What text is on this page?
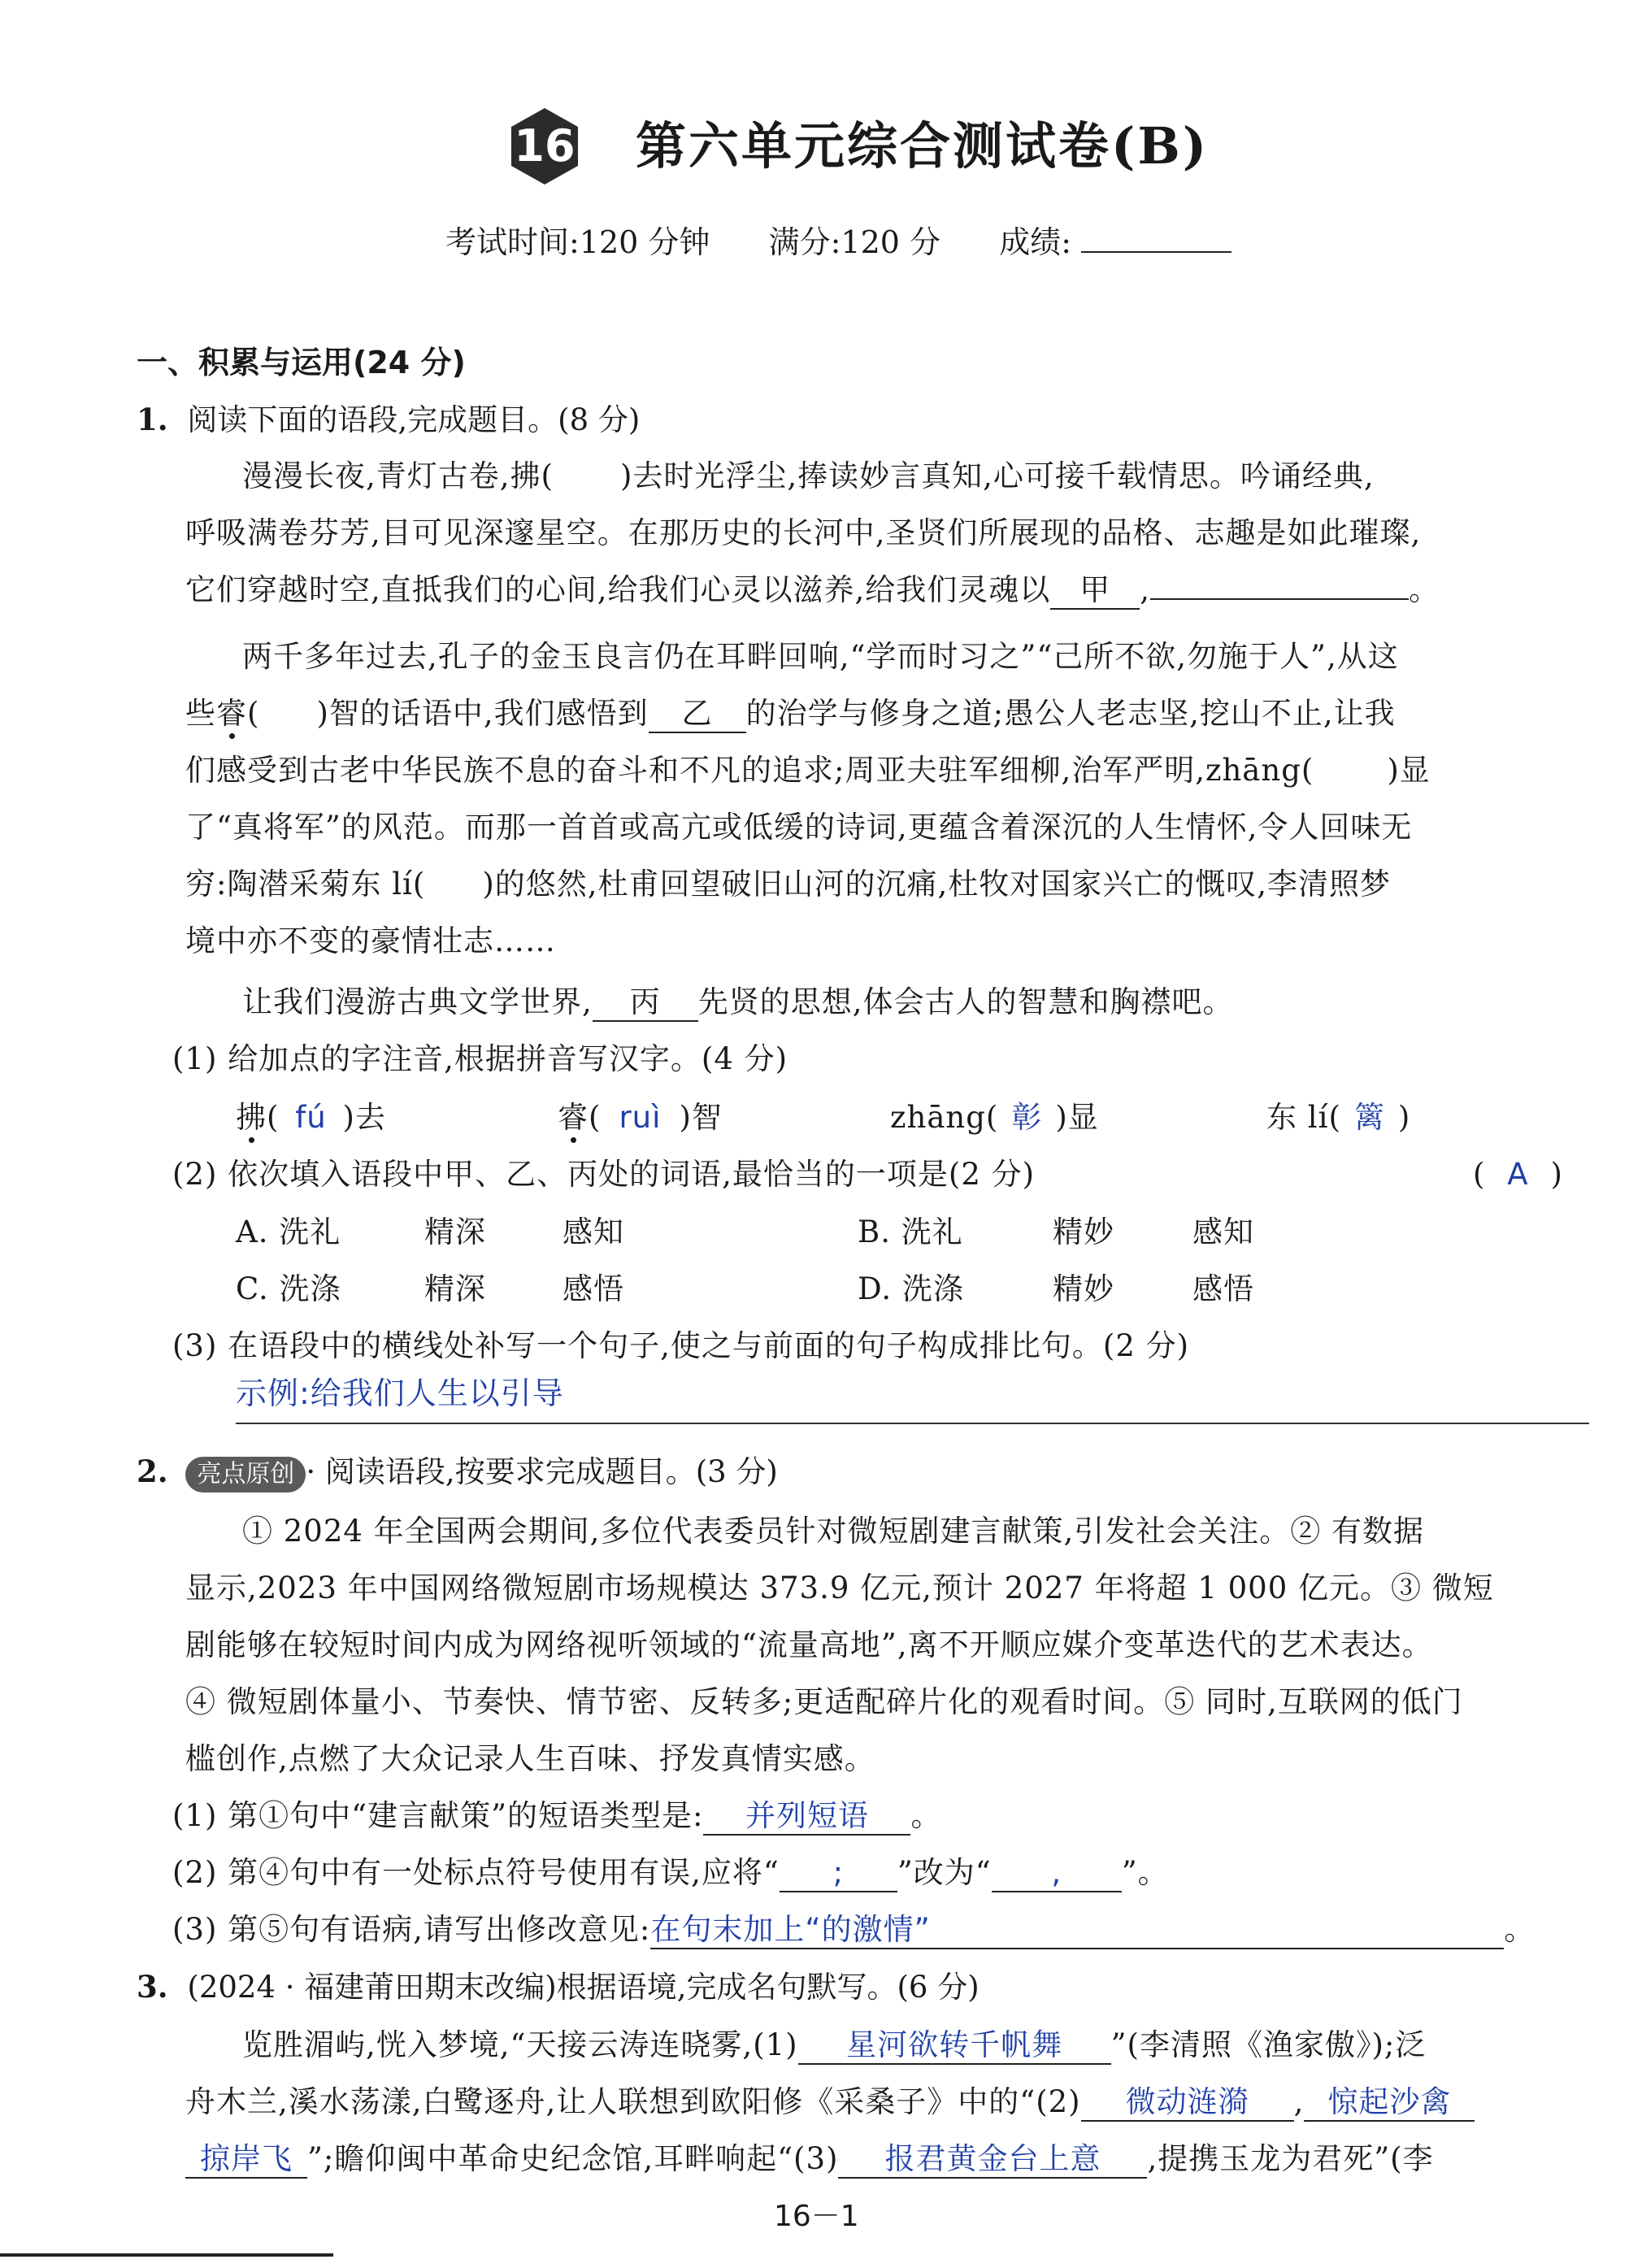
16 第六单元综合测试卷(B)
考试时间:120 分钟 满分:120 分 成绩:
一、积累与运用(24 分)
1. 阅读下面的语段,完成题目。(8 分)
漫漫长夜,青灯古卷,拂( )去时光浮尘,捧读妙言真知,心可接千载情思。吟诵经典,
呼吸满卷芬芳,目可见深邃星空。在那历史的长河中,圣贤们所展现的品格、志趣是如此璀璨,
它们穿越时空,直抵我们的心间,给我们心灵以滋养,给我们灵魂以 甲 ,	。
两千多年过去,孔子的金玉良言仍在耳畔回响,“学而时习之”“己所不欲,勿施于人”,从这
些睿( )智的话语中,我们感悟到 乙 的治学与修身之道;愚公人老志坚,挖山不止,让我
们感受到古老中华民族不息的奋斗和不凡的追求;周亚夫驻军细柳,治军严明,zhāng( )显
了“真将军”的风范。而那一首首或高亢或低缓的诗词,更蕴含着深沉的人生情怀,令人回味无
穷:陶潜采菊东 lí( )的悠然,杜甫回望破旧山河的沉痛,杜牧对国家兴亡的慨叹,李清照梦
境中亦不变的豪情壮志……
让我们漫游古典文学世界, 丙 先贤的思想,体会古人的智慧和胸襟吧。
(1) 给加点的字注音,根据拼音写汉字。(4 分)
拂( fú )去	睿( ruì )智	zhāng( 彰 )显	东 lí( 篱 )
(2) 依次填入语段中甲、乙、丙处的词语,最恰当的一项是(2 分)	( A )
A. 洗礼	精深	感知	B. 洗礼	精妙	感知
C. 洗涤	精深	感悟	D. 洗涤	精妙	感悟
(3) 在语段中的横线处补写一个句子,使之与前面的句子构成排比句。(2 分)
示例:给我们人生以引导
2. 亮点原创 · 阅读语段,按要求完成题目。(3 分)
① 2024 年全国两会期间,多位代表委员针对微短剧建言献策,引发社会关注。② 有数据
显示,2023 年中国网络微短剧市场规模达 373.9 亿元,预计 2027 年将超 1 000 亿元。③ 微短
剧能够在较短时间内成为网络视听领域的“流量高地”,离不开顺应媒介变革迭代的艺术表达。
④ 微短剧体量小、节奏快、情节密、反转多;更适配碎片化的观看时间。⑤ 同时,互联网的低门
槛创作,点燃了大众记录人生百味、抒发真情实感。
(1) 第①句中“建言献策”的短语类型是: 并列短语 。
(2) 第④句中有一处标点符号使用有误,应将“ ; ”改为“ , ”。
(3) 第⑤句有语病,请写出修改意见:在句末加上“的激情”	。
3. (2024 · 福建莆田期末改编)根据语境,完成名句默写。(6 分)
览胜湄屿,恍入梦境,“天接云涛连晓雾,(1) 星河欲转千帆舞 ”(李清照《渔家傲》);泛
舟木兰,溪水荡漾,白鹭逐舟,让人联想到欧阳修《采桑子》中的“(2) 微动涟漪 , 惊起沙禽
掠岸飞 ”;瞻仰闽中革命史纪念馆,耳畔响起“(3) 报君黄金台上意 ,提携玉龙为君死”(李
16－1
